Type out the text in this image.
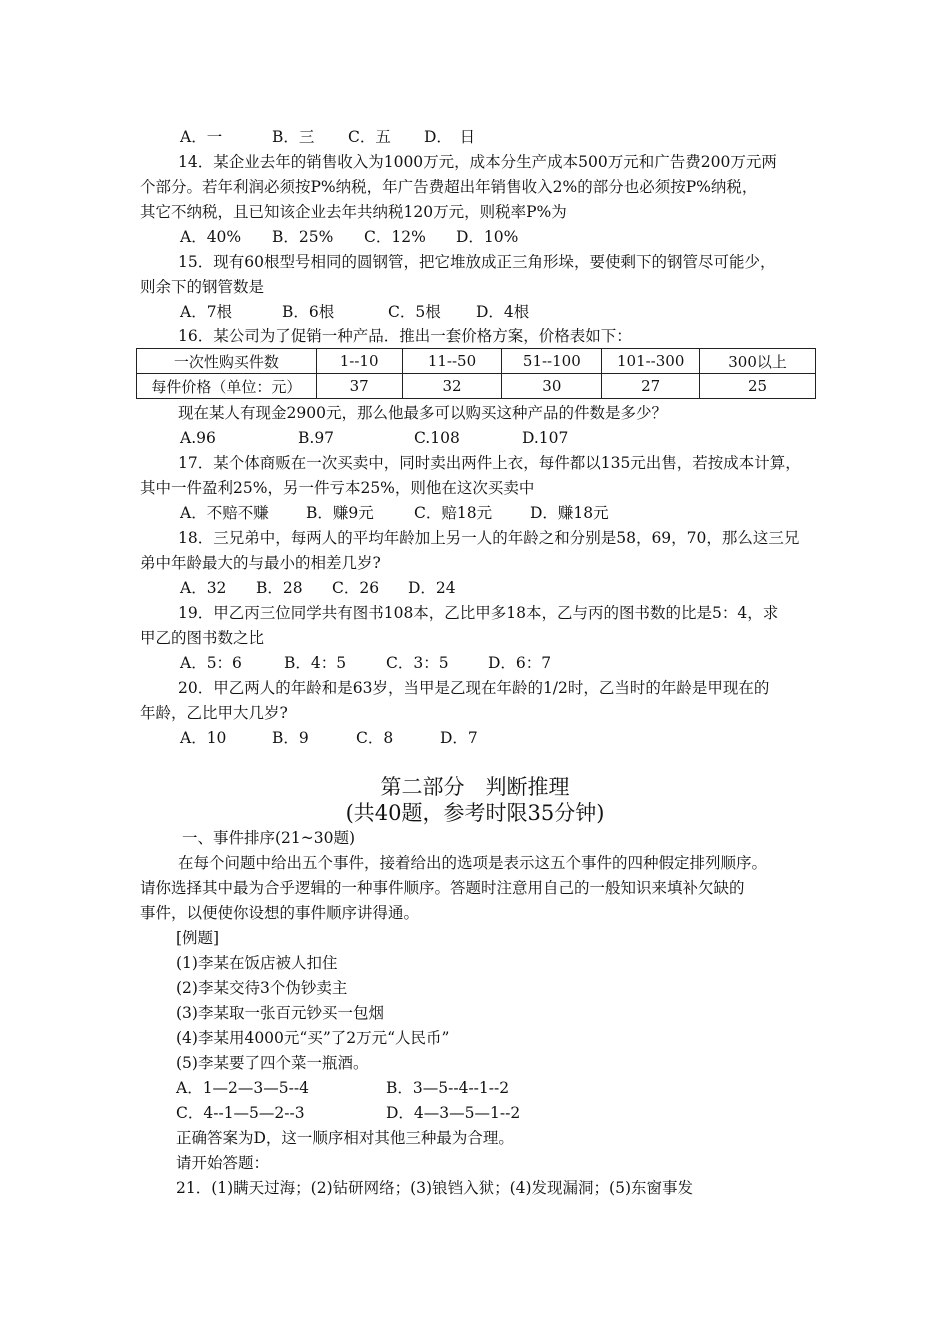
A．一	B．三 C．五 D．　日
14．某企业去年的销售收入为1000万元，成本分生产成本500万元和广告费200万元两
个部分。若年利润必须按P%纳税，年广告费超出年销售收入2%的部分也必须按P%纳税，
其它不纳税，且已知该企业去年共纳税120万元，则税率P%为
A．40% B．25% C．12% D．10%
15．现有60根型号相同的圆钢管，把它堆放成正三角形垛，要使剩下的钢管尽可能少，
则余下的钢管数是
A．7根	B．6根	C．5根 D．4根
16．某公司为了促销一种产品．推出一套价格方案，价格表如下：
一次性购买件数	1--10	11--50	51--100	101--300	300以上
每件价格（单位：元）	37	32	30	27	25
现在某人有现金2900元，那么他最多可以购买这种产品的件数是多少？
A.96	B.97	C.108	D.107
17．某个体商贩在一次买卖中，同时卖出两件上衣，每件都以135元出售，若按成本计算，
其中一件盈利25%，另一件亏本25%，则他在这次买卖中
A．不赔不赚 B．赚9元	C．赔18元 D．赚18元
18．三兄弟中，每两人的平均年龄加上另一人的年龄之和分别是58，69，70，那么这三兄
弟中年龄最大的与最小的相差几岁?
A．32 B．28 C．26 D．24
19．甲乙丙三位同学共有图书108本，乙比甲多18本，乙与丙的图书数的比是5：4，求
甲乙的图书数之比
A．5：6	B．4：5	C．3：5	D．6：7
20．甲乙两人的年龄和是63岁，当甲是乙现在年龄的1/2时，乙当时的年龄是甲现在的
年龄，乙比甲大几岁?
A．10	B．9	C．8	D．7
第二部分　判断推理
(共40题，参考时限35分钟)
一、事件排序(21~30题)
在每个问题中给出五个事件，接着给出的选项是表示这五个事件的四种假定排列顺序。
请你选择其中最为合乎逻辑的一种事件顺序。答题时注意用自己的一般知识来填补欠缺的
事件，以便使你设想的事件顺序讲得通。
[例题]
(1)李某在饭店被人扣住
(2)李某交待3个伪钞卖主
(3)李某取一张百元钞买一包烟
(4)李某用4000元“买”了2万元“人民币”
(5)李某要了四个菜一瓶酒。
A．1—2—3—5--4	B．3—5--4--1--2
C．4--1—5—2--3	D．4—3—5—1--2
正确答案为D，这一顺序相对其他三种最为合理。
请开始答题：
21．(1)瞒天过海；(2)钻研网络；(3)锒铛入狱；(4)发现漏洞；(5)东窗事发
